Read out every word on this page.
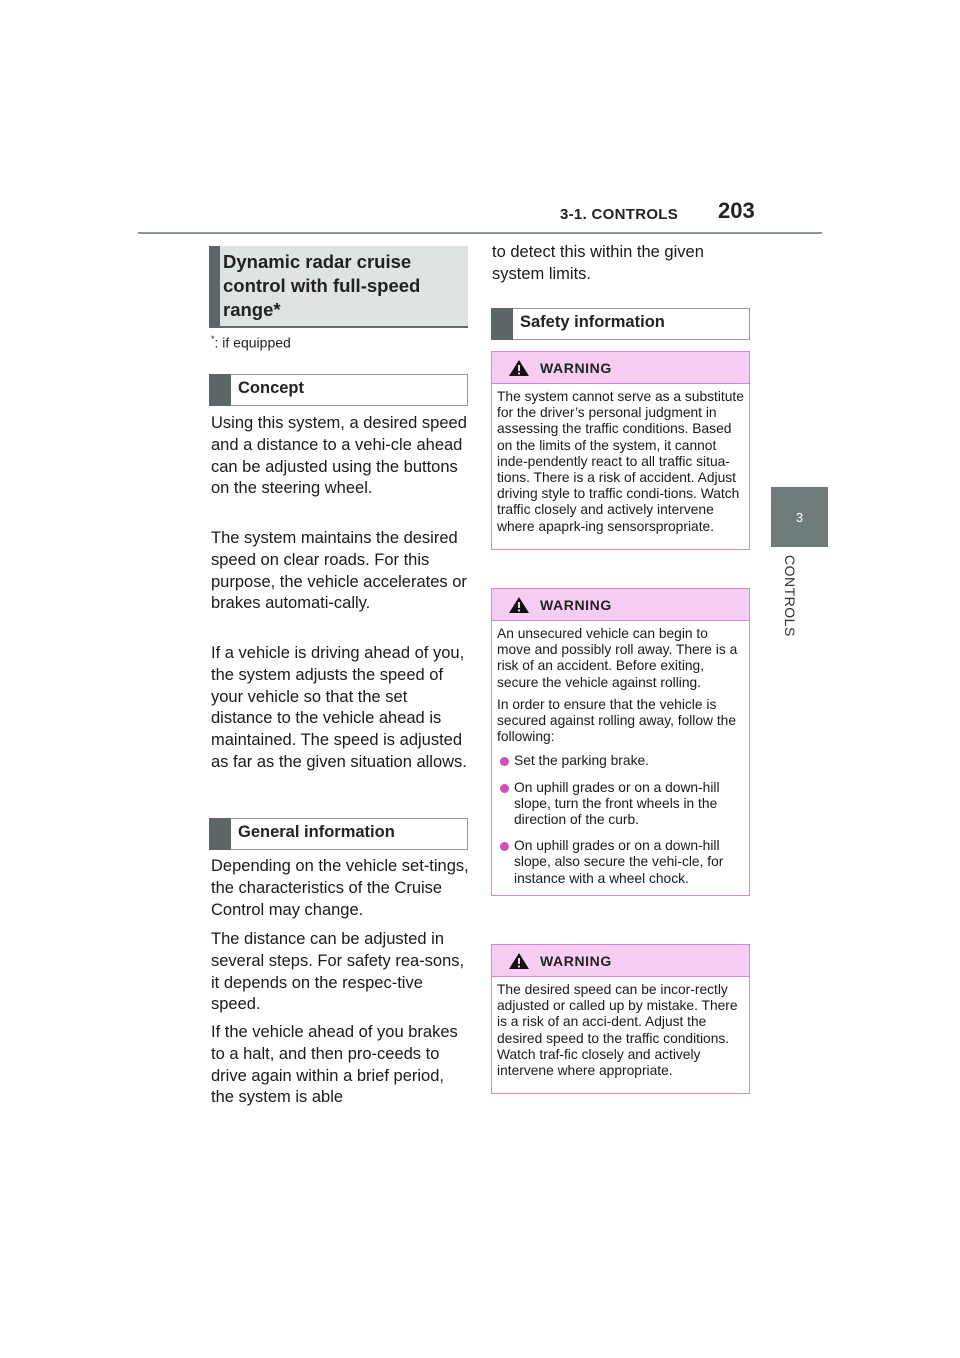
3-1. CONTROLS 203
3
CONTROLS
Dynamic radar cruise control with full-speed range*
*: if equipped
Concept
Using this system, a desired speed and a distance to a vehi-cle ahead can be adjusted using the buttons on the steering wheel.
The system maintains the desired speed on clear roads. For this purpose, the vehicle accelerates or brakes automati-cally.
If a vehicle is driving ahead of you, the system adjusts the speed of your vehicle so that the set distance to the vehicle ahead is maintained. The speed is adjusted as far as the given situation allows.
General information
Depending on the vehicle set-tings, the characteristics of the Cruise Control may change.
The distance can be adjusted in several steps. For safety rea-sons, it depends on the respec-tive speed.
If the vehicle ahead of you brakes to a halt, and then pro-ceeds to drive again within a brief period, the system is able
to detect this within the given system limits.
Safety information
WARNING

The system cannot serve as a substitute for the driver’s personal judgment in assessing the traffic conditions. Based on the limits of the system, it cannot inde-pendently react to all traffic situa-tions. There is a risk of accident. Adjust driving style to traffic condi-tions. Watch traffic closely and actively intervene where apaprk-ing sensorspropriate.

WARNING

An unsecured vehicle can begin to move and possibly roll away. There is a risk of an accident. Before exiting, secure the vehicle against rolling.

In order to ensure that the vehicle is secured against rolling away, follow the following:

Set the parking brake.
On uphill grades or on a down-hill slope, turn the front wheels in the direction of the curb.
On uphill grades or on a down-hill slope, also secure the vehi-cle, for instance with a wheel chock.
WARNING

The desired speed can be incor-rectly adjusted or called up by mistake. There is a risk of an acci-dent. Adjust the desired speed to the traffic conditions. Watch traf-fic closely and actively intervene where appropriate.
